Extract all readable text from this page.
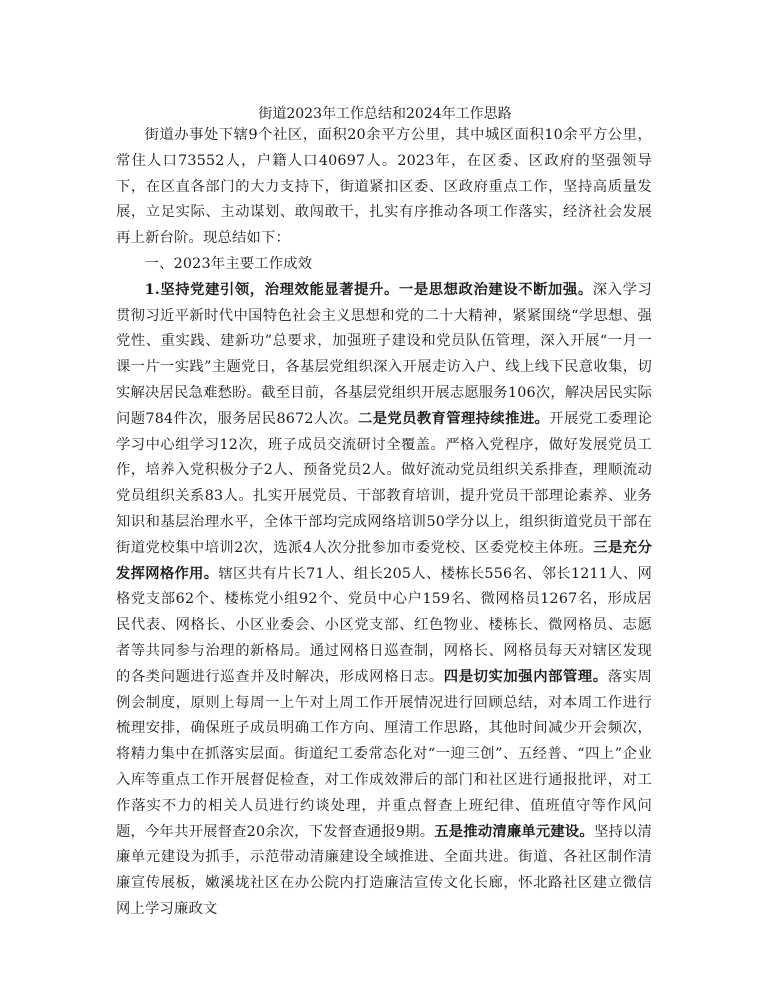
街道2023年工作总结和2024年工作思路

街道办事处下辖9个社区，面积20余平方公里，其中城区面积10余平方公里，常住人口73552人，户籍人口40697人。2023年，在区委、区政府的坚强领导下，在区直各部门的大力支持下，街道紧扣区委、区政府重点工作，坚持高质量发展，立足实际、主动谋划、敢闯敢干，扎实有序推动各项工作落实，经济社会发展再上新台阶。现总结如下：

一、2023年主要工作成效

1.坚持党建引领，治理效能显著提升。一是思想政治建设不断加强。深入学习贯彻习近平新时代中国特色社会主义思想和党的二十大精神，紧紧围绕“学思想、强党性、重实践、建新功”总要求，加强班子建设和党员队伍管理，深入开展“一月一课一片一实践”主题党日，各基层党组织深入开展走访入户、线上线下民意收集，切实解决居民急难愁盼。截至目前，各基层党组织开展志愿服务106次，解决居民实际问题784件次，服务居民8672人次。二是党员教育管理持续推进。开展党工委理论学习中心组学习12次，班子成员交流研讨全覆盖。严格入党程序，做好发展党员工作，培养入党积极分子2人、预备党员2人。做好流动党员组织关系排查，理顺流动党员组织关系83人。扎实开展党员、干部教育培训，提升党员干部理论素养、业务知识和基层治理水平，全体干部均完成网络培训50学分以上，组织街道党员干部在街道党校集中培训2次，选派4人次分批参加市委党校、区委党校主体班。三是充分发挥网格作用。辖区共有片长71人、组长205人、楼栋长556名、邻长1211人、网格党支部62个、楼栋党小组92个、党员中心户159名、微网格员1267名，形成居民代表、网格长、小区业委会、小区党支部、红色物业、楼栋长、微网格员、志愿者等共同参与治理的新格局。通过网格日巡查制，网格长、网格员每天对辖区发现的各类问题进行巡查并及时解决，形成网格日志。四是切实加强内部管理。落实周例会制度，原则上每周一上午对上周工作开展情况进行回顾总结，对本周工作进行梳理安排，确保班子成员明确工作方向、厘清工作思路，其他时间减少开会频次，将精力集中在抓落实层面。街道纪工委常态化对“一迎三创”、五经普、“四上”企业入库等重点工作开展督促检查，对工作成效滞后的部门和社区进行通报批评，对工作落实不力的相关人员进行约谈处理，并重点督查上班纪律、值班值守等作风问题，今年共开展督查20余次，下发督查通报9期。五是推动清廉单元建设。坚持以清廉单元建设为抓手，示范带动清廉建设全域推进、全面共进。街道、各社区制作清廉宣传展板，嫩溪垅社区在办公院内打造廉洁宣传文化长廊，怀北路社区建立微信网上学习廉政文
